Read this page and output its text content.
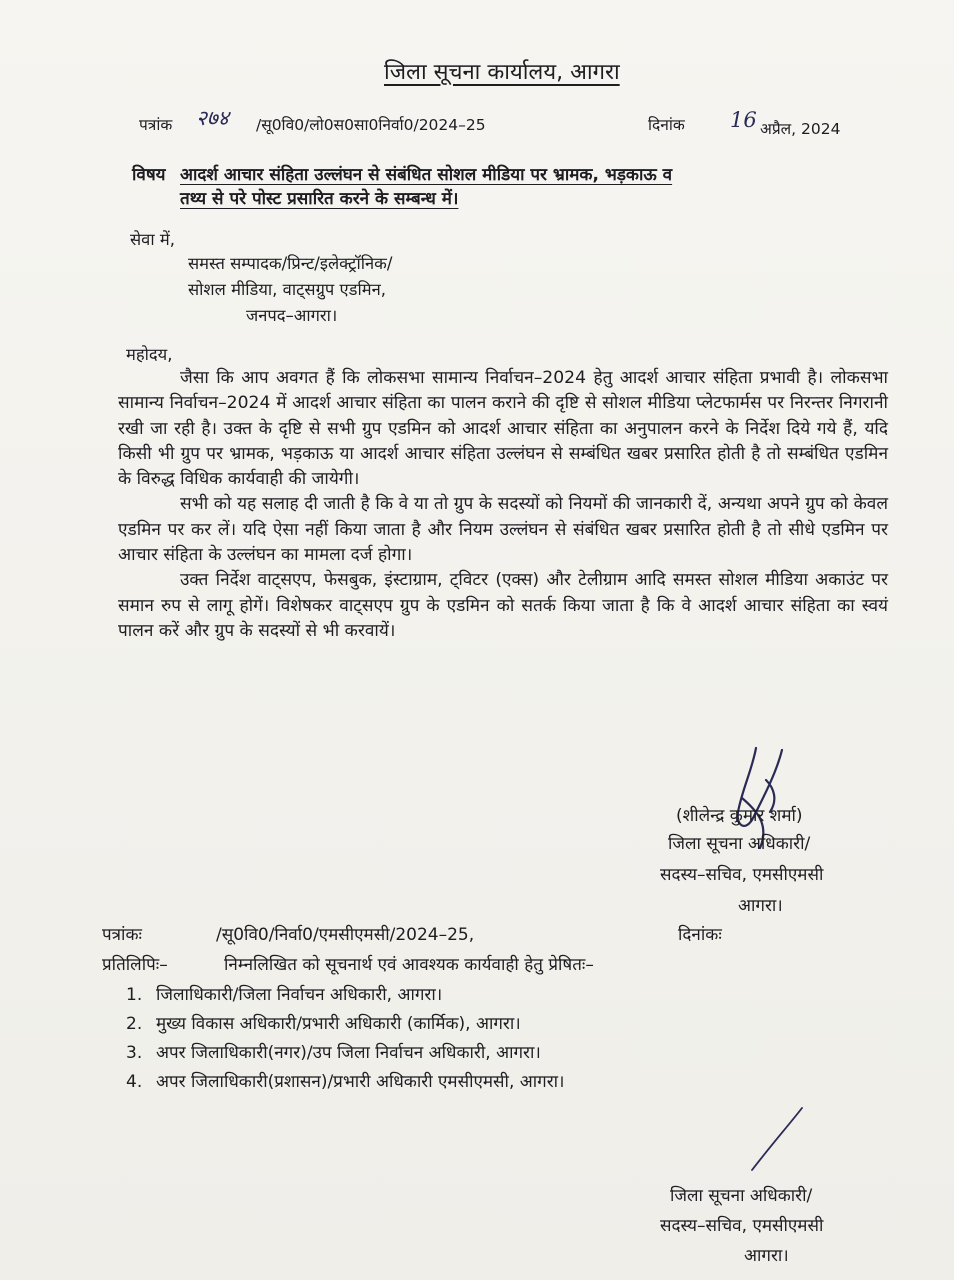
जिला सूचना कार्यालय, आगरा
पत्रांक २७४ /सू0वि0/लो0स0सा0निर्वा0/2024–25	दिनांक 16 अप्रैल, 2024
विषय आदर्श आचार संहिता उल्लंघन से संबंधित सोशल मीडिया पर भ्रामक, भड़काऊ व
तथ्य से परे पोस्ट प्रसारित करने के सम्बन्ध में।
सेवा में,
समस्त सम्पादक/प्रिन्ट/इलेक्ट्रॉनिक/
सोशल मीडिया, वाट्सग्रुप एडमिन,
जनपद–आगरा।
महोदय,

जैसा कि आप अवगत हैं कि लोकसभा सामान्य निर्वाचन–2024 हेतु आदर्श आचार संहिता प्रभावी है। लोकसभा सामान्य निर्वाचन–2024 में आदर्श आचार संहिता का पालन कराने की दृष्टि से सोशल मीडिया प्लेटफार्मस पर निरन्तर निगरानी रखी जा रही है। उक्त के दृष्टि से सभी ग्रुप एडमिन को आदर्श आचार संहिता का अनुपालन करने के निर्देश दिये गये हैं, यदि किसी भी ग्रुप पर भ्रामक, भड़काऊ या आदर्श आचार संहिता उल्लंघन से सम्बंधित खबर प्रसारित होती है तो सम्बंधित एडमिन के विरुद्ध विधिक कार्यवाही की जायेगी।

सभी को यह सलाह दी जाती है कि वे या तो ग्रुप के सदस्यों को नियमों की जानकारी दें, अन्यथा अपने ग्रुप को केवल एडमिन पर कर लें। यदि ऐसा नहीं किया जाता है और नियम उल्लंघन से संबंधित खबर प्रसारित होती है तो सीधे एडमिन पर आचार संहिता के उल्लंघन का मामला दर्ज होगा।

उक्त निर्देश वाट्सएप, फेसबुक, इंस्टाग्राम, ट्विटर (एक्स) और टेलीग्राम आदि समस्त सोशल मीडिया अकाउंट पर समान रुप से लागू होगें। विशेषकर वाट्सएप ग्रुप के एडमिन को सतर्क किया जाता है कि वे आदर्श आचार संहिता का स्वयं पालन करें और ग्रुप के सदस्यों से भी करवायें।

(शीलेन्द्र कुमार शर्मा)
जिला सूचना अधिकारी/
सदस्य–सचिव, एमसीएमसी
आगरा।
पत्रांकः	/सू0वि0/निर्वा0/एमसीएमसी/2024–25,	दिनांकः
प्रतिलिपिः–	निम्नलिखित को सूचनार्थ एवं आवश्यक कार्यवाही हेतु प्रेषितः–
1. जिलाधिकारी/जिला निर्वाचन अधिकारी, आगरा।
2. मुख्य विकास अधिकारी/प्रभारी अधिकारी (कार्मिक), आगरा।
3. अपर जिलाधिकारी(नगर)/उप जिला निर्वाचन अधिकारी, आगरा।
4. अपर जिलाधिकारी(प्रशासन)/प्रभारी अधिकारी एमसीएमसी, आगरा।
जिला सूचना अधिकारी/
सदस्य–सचिव, एमसीएमसी
आगरा।
